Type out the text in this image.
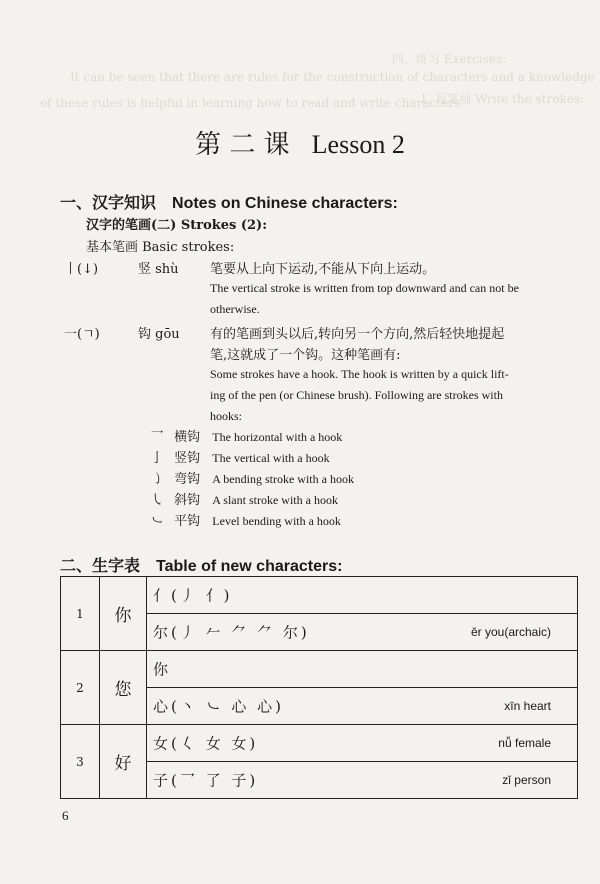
四、练习 Exercises:
1. 写笔画 Write the strokes:
It can be seen that there are rules for the construction of characters and a knowledge
of these rules is helpful in learning how to read and write characters.
第 二 课 Lesson 2
一、汉字知识 Notes on Chinese characters:
汉字的笔画(二) Strokes (2):
基本笔画 Basic strokes:
丨(↓)	竖 shù 笔要从上向下运动,不能从下向上运动。
The vertical stroke is written from top downward and can not be
otherwise.
一(ㄱ)	钩 gōu 有的笔画到头以后,转向另一个方向,然后轻快地提起
笔,这就成了一个钩。这种笔画有:
Some strokes have a hook. The hook is written by a quick lift-
ing of the pen (or Chinese brush). Following are strokes with
hooks:
乛 横钩 The horizontal with a hook
亅 竖钩 The vertical with a hook
㇁ 弯钩 A bending stroke with a hook
㇂ 斜钩 A slant stroke with a hook
㇃ 平钩 Level bending with a hook
二、生字表 Table of new characters:
1	你	亻(丿 亻)

		尔(丿 𠂉 ⺈ ⺈ 尔) ěr you(archaic)

2	您	你

		心(丶 ㇃ 心 心) xīn heart

3	好	女(𡿨 女 女) nǚ female

		子(乛 了 子) zǐ person
6
